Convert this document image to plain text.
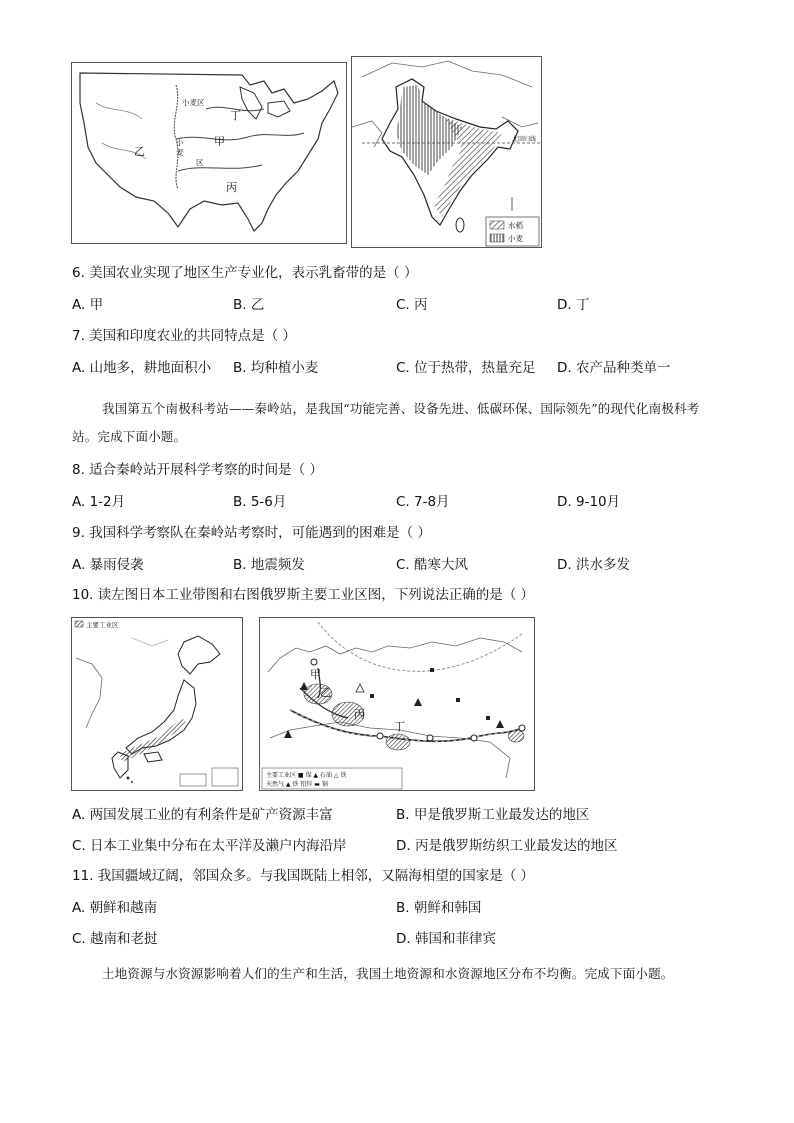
小麦区
小
麦
区
甲
乙
丙
丁
北回归线
水稻
小麦
6. 美国农业实现了地区生产专业化，表示乳畜带的是（ ）
A. 甲	B. 乙	C. 丙	D. 丁
7. 美国和印度农业的共同特点是（ ）
A. 山地多，耕地面积小 B. 均种植小麦	C. 位于热带，热量充足 D. 农产品种类单一
我国第五个南极科考站——秦岭站，是我国“功能完善、设备先进、低碳环保、国际领先”的现代化南极科考站。完成下面小题。
8. 适合秦岭站开展科学考察的时间是（ ）
A. 1-2月	B. 5-6月	C. 7-8月	D. 9-10月
9. 我国科学考察队在秦岭站考察时，可能遇到的困难是（ ）
A. 暴雨侵袭	B. 地震频发	C. 酷寒大风	D. 洪水多发
10. 读左图日本工业带图和右图俄罗斯主要工业区图，下列说法正确的是（ ）
主要工业区
甲
乙
丙
丁
主要工业区 ■ 煤 ▲ 石油 △ 铁
天然气 ▲ 铁 铅锌 ▬ 铜
A. 两国发展工业的有利条件是矿产资源丰富	B. 甲是俄罗斯工业最发达的地区
C. 日本工业集中分布在太平洋及濑户内海沿岸	D. 丙是俄罗斯纺织工业最发达的地区
11. 我国疆域辽阔，邻国众多。与我国既陆上相邻，又隔海相望的国家是（ ）
A. 朝鲜和越南	B. 朝鲜和韩国
C. 越南和老挝	D. 韩国和菲律宾
土地资源与水资源影响着人们的生产和生活，我国土地资源和水资源地区分布不均衡。完成下面小题。
